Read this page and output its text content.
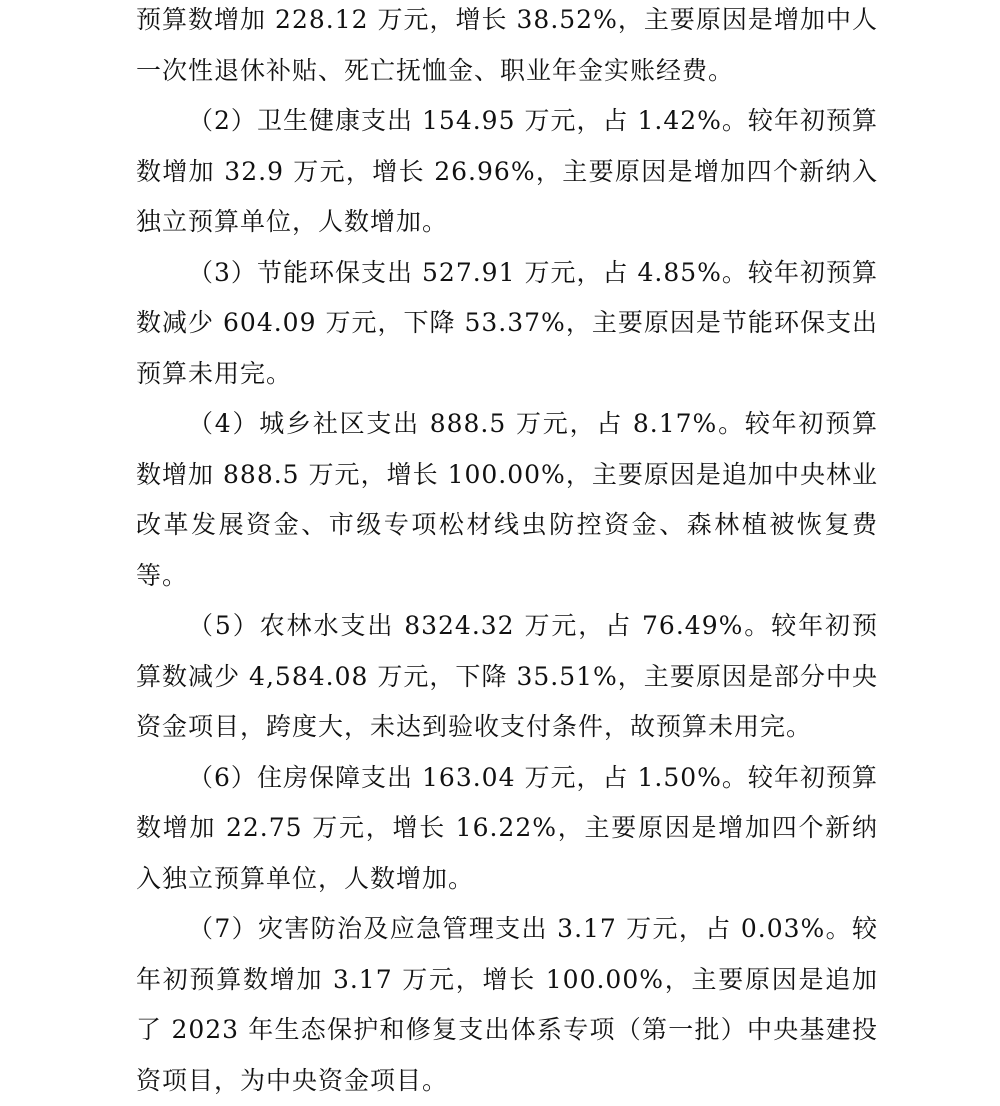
预算数增加 228.12 万元，增长 38.52%，主要原因是增加中人一次性退休补贴、死亡抚恤金、职业年金实账经费。

（2）卫生健康支出 154.95 万元，占 1.42%。较年初预算数增加 32.9 万元，增长 26.96%，主要原因是增加四个新纳入独立预算单位，人数增加。

（3）节能环保支出 527.91 万元，占 4.85%。较年初预算数减少 604.09 万元，下降 53.37%，主要原因是节能环保支出预算未用完。

（4）城乡社区支出 888.5 万元，占 8.17%。较年初预算数增加 888.5 万元，增长 100.00%，主要原因是追加中央林业改革发展资金、市级专项松材线虫防控资金、森林植被恢复费等。

（5）农林水支出 8324.32 万元，占 76.49%。较年初预算数减少 4,584.08 万元，下降 35.51%，主要原因是部分中央资金项目，跨度大，未达到验收支付条件，故预算未用完。

（6）住房保障支出 163.04 万元，占 1.50%。较年初预算数增加 22.75 万元，增长 16.22%，主要原因是增加四个新纳入独立预算单位，人数增加。

（7）灾害防治及应急管理支出 3.17 万元，占 0.03%。较年初预算数增加 3.17 万元，增长 100.00%，主要原因是追加了 2023 年生态保护和修复支出体系专项（第一批）中央基建投资项目，为中央资金项目。
